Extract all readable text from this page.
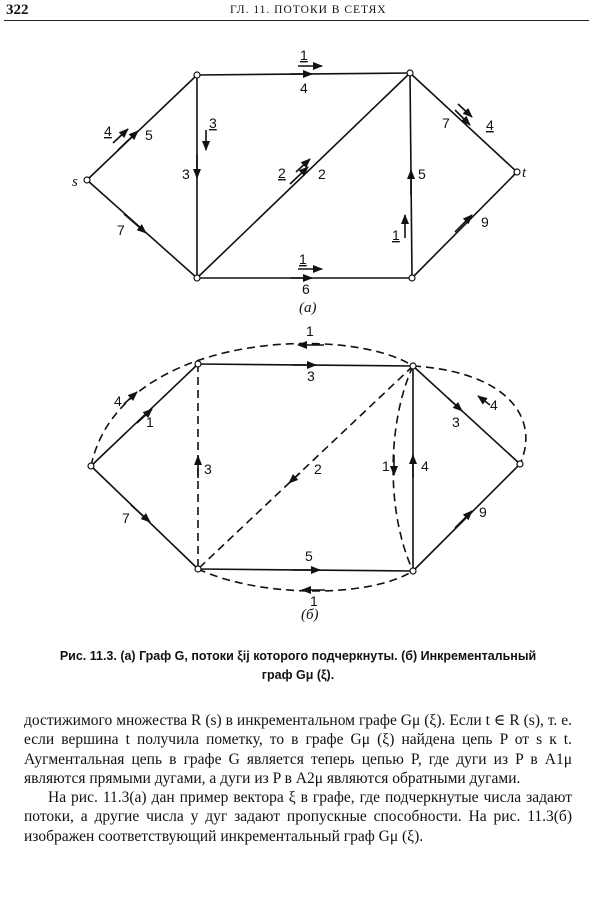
322	ГЛ. 11. ПОТОКИ В СЕТЯХ
s
t
4 5
7
1
4
3
3	2 2
1
6
1
5
4
7
9
(а)
1
4
1
7
3
3	2	1 4
3
4
9
5
1
(б)
Рис. 11.3. (а) Граф G, потоки ξij которого подчеркнуты. (б) Инкрементальный
граф Gμ (ξ).

достижимого множества R (s) в инкрементальном графе Gμ (ξ). Если t ∈ R (s), т. е. если вершина t получила пометку, то в графе Gμ (ξ) найдена цепь P от s к t. Аугментальная цепь в графе G является теперь цепью P, где дуги из P в A1μ являются прямыми дугами, а дуги из P в A2μ являются обратными дугами.

На рис. 11.3(а) дан пример вектора ξ в графе, где подчеркнутые числа задают потоки, а другие числа у дуг задают пропускные способности. На рис. 11.3(б) изображен соответствующий инкрементальный граф Gμ (ξ).
